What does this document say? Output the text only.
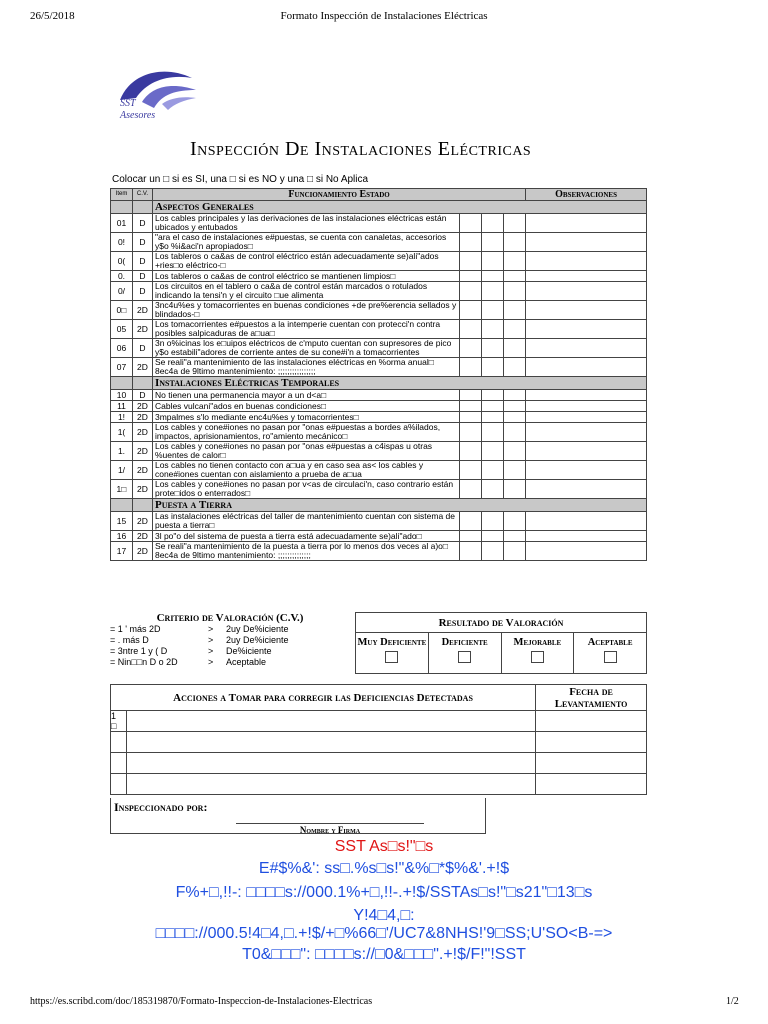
26/5/2018	Formato Inspección de Instalaciones Eléctricas
SST
Asesores
Inspección De Instalaciones Eléctricas
Colocar un □ si es SI, una □ si es NO y una □ si No Aplica
Item	C.V.	Funcionamiento Estado				Observaciones
		Aspectos Generales				
01	D	Los cables principales y las derivaciones de las instalaciones eléctricas están ubicados y entubados				
0!	D	"ara el caso de instalaciones e#puestas, se cuenta con canaletas, accesorios y$o %i&aci'n apropiados□				
0(	D	Los tableros o ca&as de control eléctrico están adecuadamente se)ali"ados +ries□o eléctrico-□				
0.	D	Los tableros o ca&as de control eléctrico se mantienen limpios□				
0/	D	Los circuitos en el tablero o ca&a de control están marcados o rotulados indicando la tensi'n y el circuito □ue alimenta				
0□	2D	3nc4u%es y tomacorrientes en buenas condiciones +de pre%erencia sellados y blindados-□				
05	2D	Los tomacorrientes e#puestos a la intemperie cuentan con protecci'n contra posibles salpicaduras de a□ua□				
06	D	3n o%icinas los e□uipos eléctricos de c'mputo cuentan con supresores de pico y$o estabili"adores de corriente antes de su cone#i'n a tomacorrientes				
07	2D	Se reali"a mantenimiento de las instalaciones eléctricas en %orma anual□ 8ec4a de 9ltimo mantenimiento: ;;;;;;;;;;;;;;;;				
		Instalaciones Eléctricas Temporales				
10	D	No tienen una permanencia mayor a un d<a□				
11	2D	Cables vulcani"ados en buenas condiciones□				
1!	2D	3mpalmes s'lo mediante enc4u%es y tomacorrientes□				
1(	2D	Los cables y cone#iones no pasan por "onas e#puestas a bordes a%ilados, impactos, aprisionamientos, ro"amiento mecánico□				
1.	2D	Los cables y cone#iones no pasan por "onas e#puestas a c4ispas u otras %uentes de calor□				
1/	2D	Los cables no tienen contacto con a□ua y en caso sea as< los cables y cone#iones cuentan con aislamiento a prueba de a□ua				
1□	2D	Los cables y cone#iones no pasan por v<as de circulaci'n, caso contrario están prote□idos o enterrados□				
		Puesta a Tierra				
15	2D	Las instalaciones eléctricas del taller de mantenimiento cuentan con sistema de puesta a tierra□				
16	2D	3l po"o del sistema de puesta a tierra está adecuadamente se)ali"ado□				
17	2D	Se reali"a mantenimiento de la puesta a tierra por lo menos dos veces al a)o□ 8ec4a de 9ltimo mantenimiento: ;;;;;;;;;;;;;;				
Criterio de Valoración (C.V.)
= 1 ' más 2D	>	2uy De%iciente
= . más D	>	2uy De%iciente
= 3ntre 1 y ( D	>	De%iciente
= Nin□□n D o 2D	>	Aceptable
Resultado de Valoración
Muy Deficiente	Deficiente	Mejorable	Aceptable
Acciones a Tomar para corregir las Deficiencias Detectadas		Fecha de Levantamiento
1
□		

Inspeccionado por:
Nombre y Firma
SST As□s!"□s
E#$%&': ss□.%s□s!"&%□*$%&'.+!$
F%+□,!!-: □□□□s://000.1%+□,!!-.+!$/SSTAs□s!"□s21"□13□s
Y!4□4,□:
□□□□://000.5!4□4,□.+!$/+□%66□'/UC7&8NHS!'9□SS;U'SO<B-=>
T0&□□□": □□□□s://□0&□□□".+!$/F!"!SST
https://es.scribd.com/doc/185319870/Formato-Inspeccion-de-Instalaciones-Electricas	1/2
